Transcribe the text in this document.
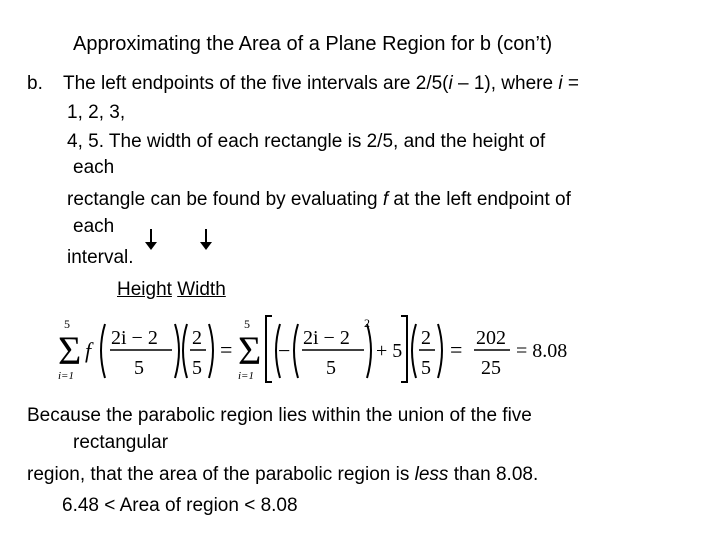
Approximating the Area of a Plane Region for b (con’t)
b. The left endpoints of the five intervals are 2/5(i – 1), where i =
1, 2, 3,
4, 5. The width of each rectangle is 2/5, and the height of
each
rectangle can be found by evaluating f at the left endpoint of
each
interval.
Height Width
5
Σ
i=1
f 2i − 2
5
2
5
=
5
Σ
i=1
− 2i − 2
5
2
+ 5
2
5
= 202
25
= 8.08
Because the parabolic region lies within the union of the five
rectangular
region, that the area of the parabolic region is less than 8.08.
6.48 < Area of region < 8.08
